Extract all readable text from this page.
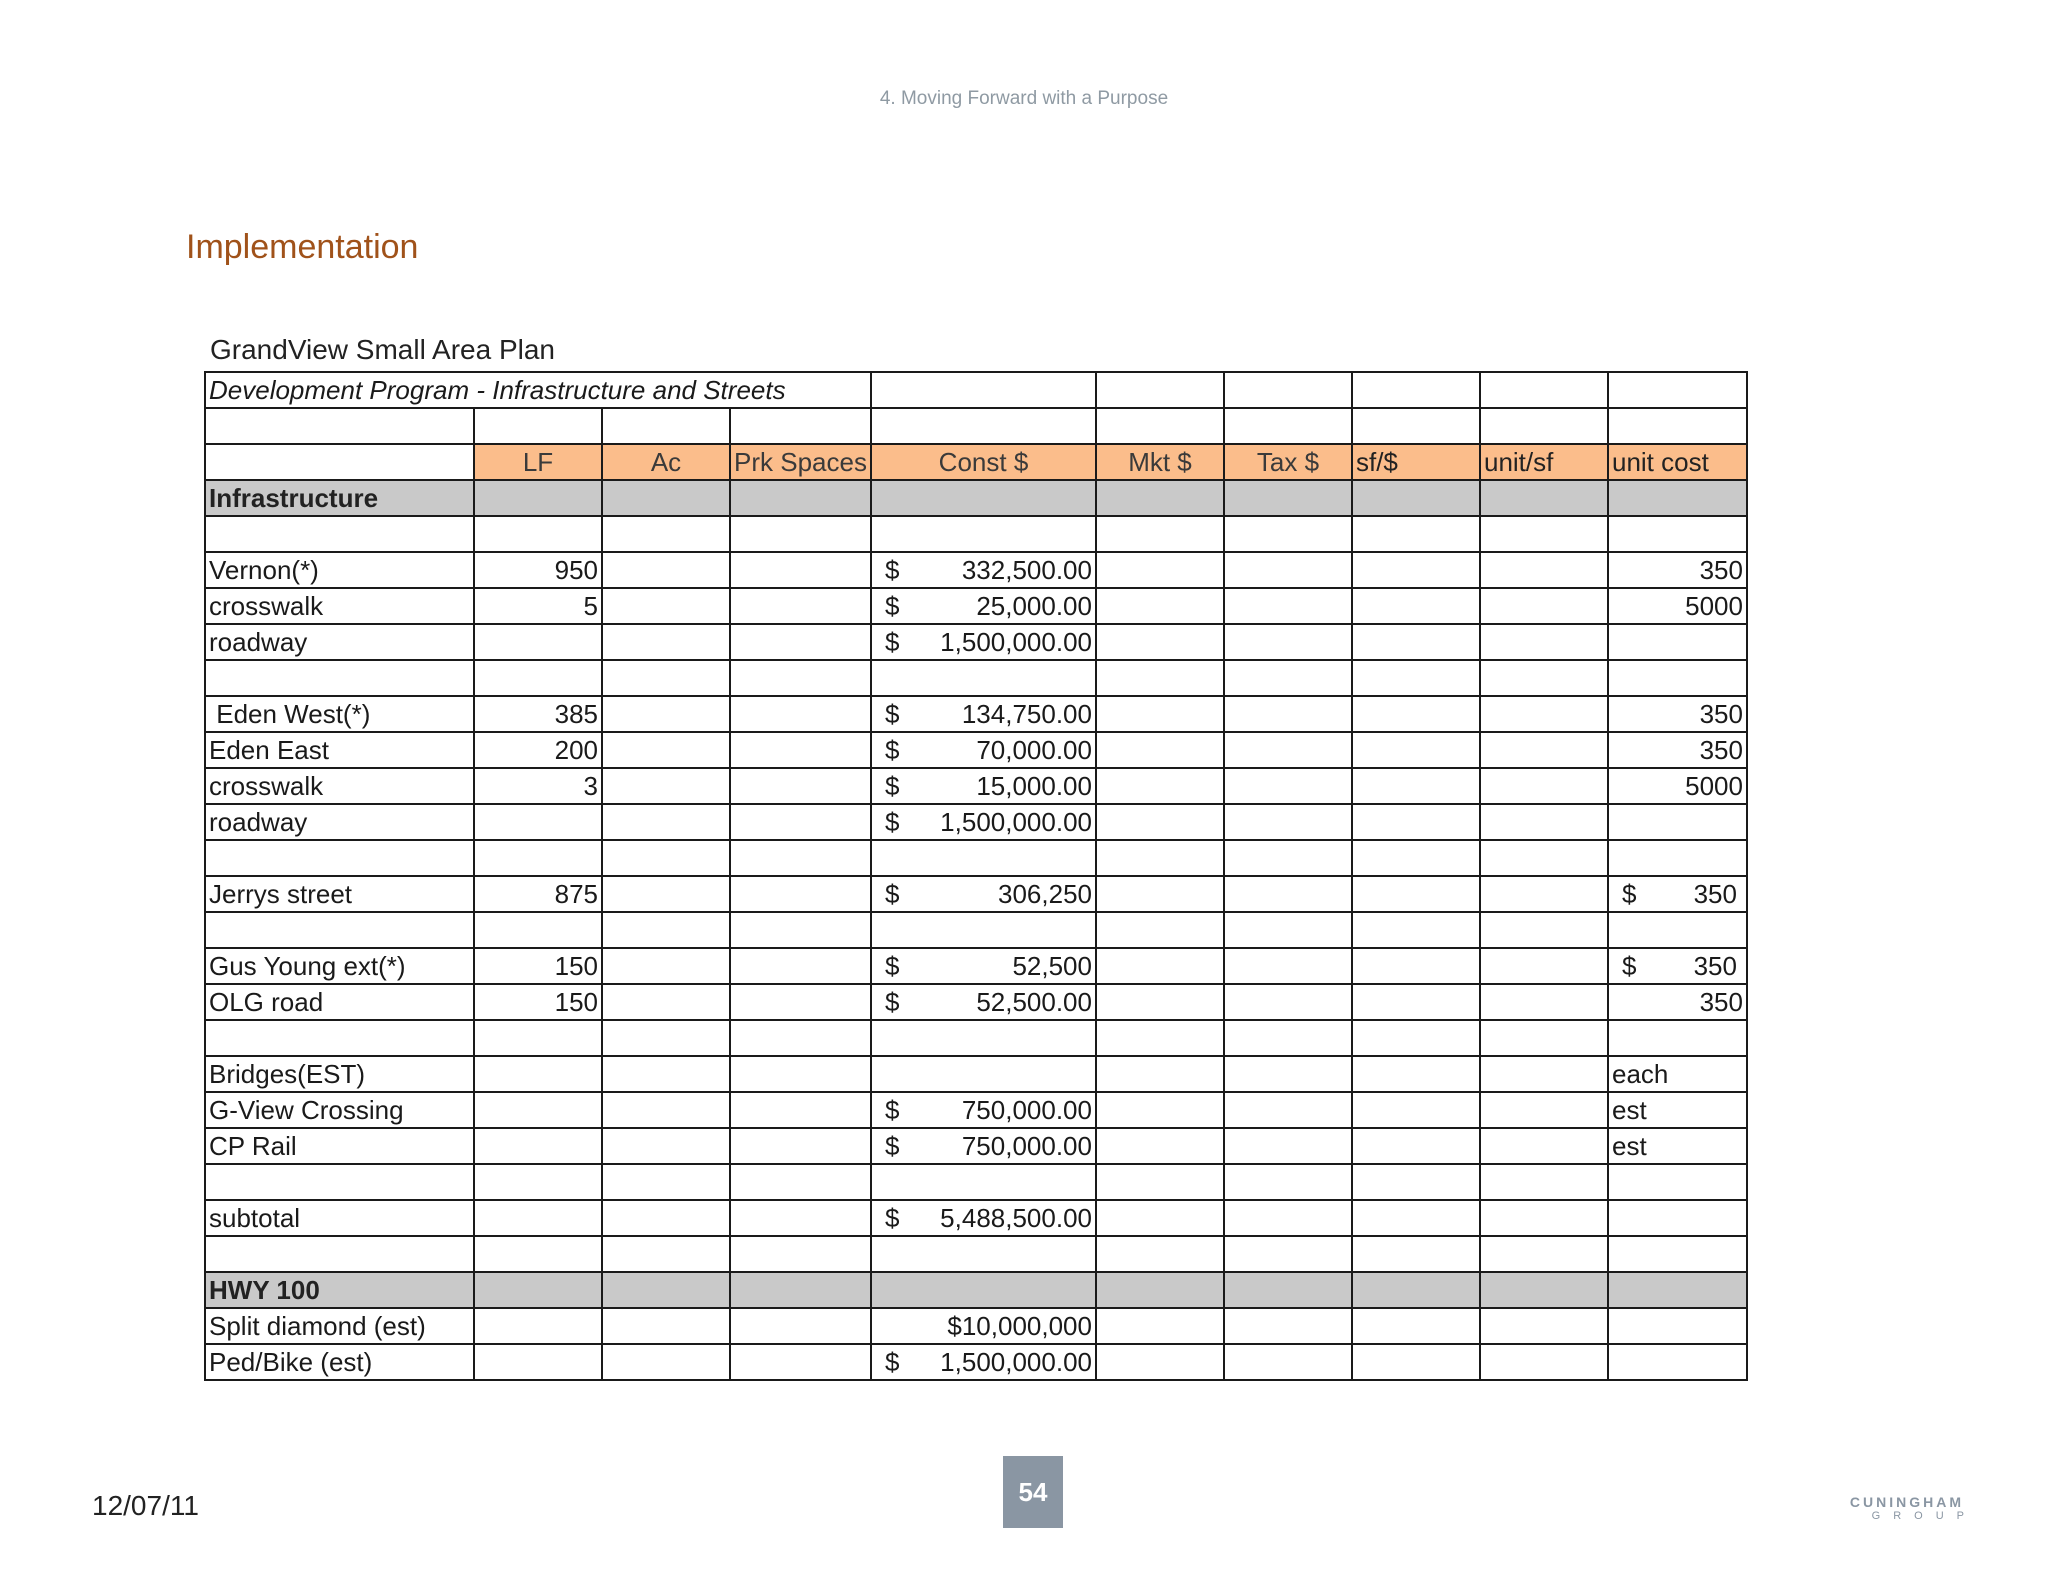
4. Moving Forward with a Purpose
Implementation
GrandView Small Area Plan
Development Program - Infrastructure and Streets									

	LF	Ac	Prk Spaces	Const $	Mkt $	Tax $	sf/$	unit/sf	unit cost
Infrastructure									

Vernon(*)	950			$ 332,500.00					350
crosswalk	5			$ 25,000.00					5000
roadway				$ 1,500,000.00					

Eden West(*)	385			$ 134,750.00					350
Eden East	200			$ 70,000.00					350
crosswalk	3			$ 15,000.00					5000
roadway				$ 1,500,000.00					

Jerrys street	875			$ 306,250					$ 350

Gus Young ext(*)	150			$ 52,500					$ 350

OLG road	150			$ 52,500.00					350

Bridges(EST)									each
G-View Crossing				$ 750,000.00					est
CP Rail				$ 750,000.00					est

subtotal				$ 5,488,500.00					

HWY 100									
Split diamond (est)				$10,000,000					
Ped/Bike (est)				$ 1,500,000.00					

12/07/11	54	CUNINGHAM
GROUP
